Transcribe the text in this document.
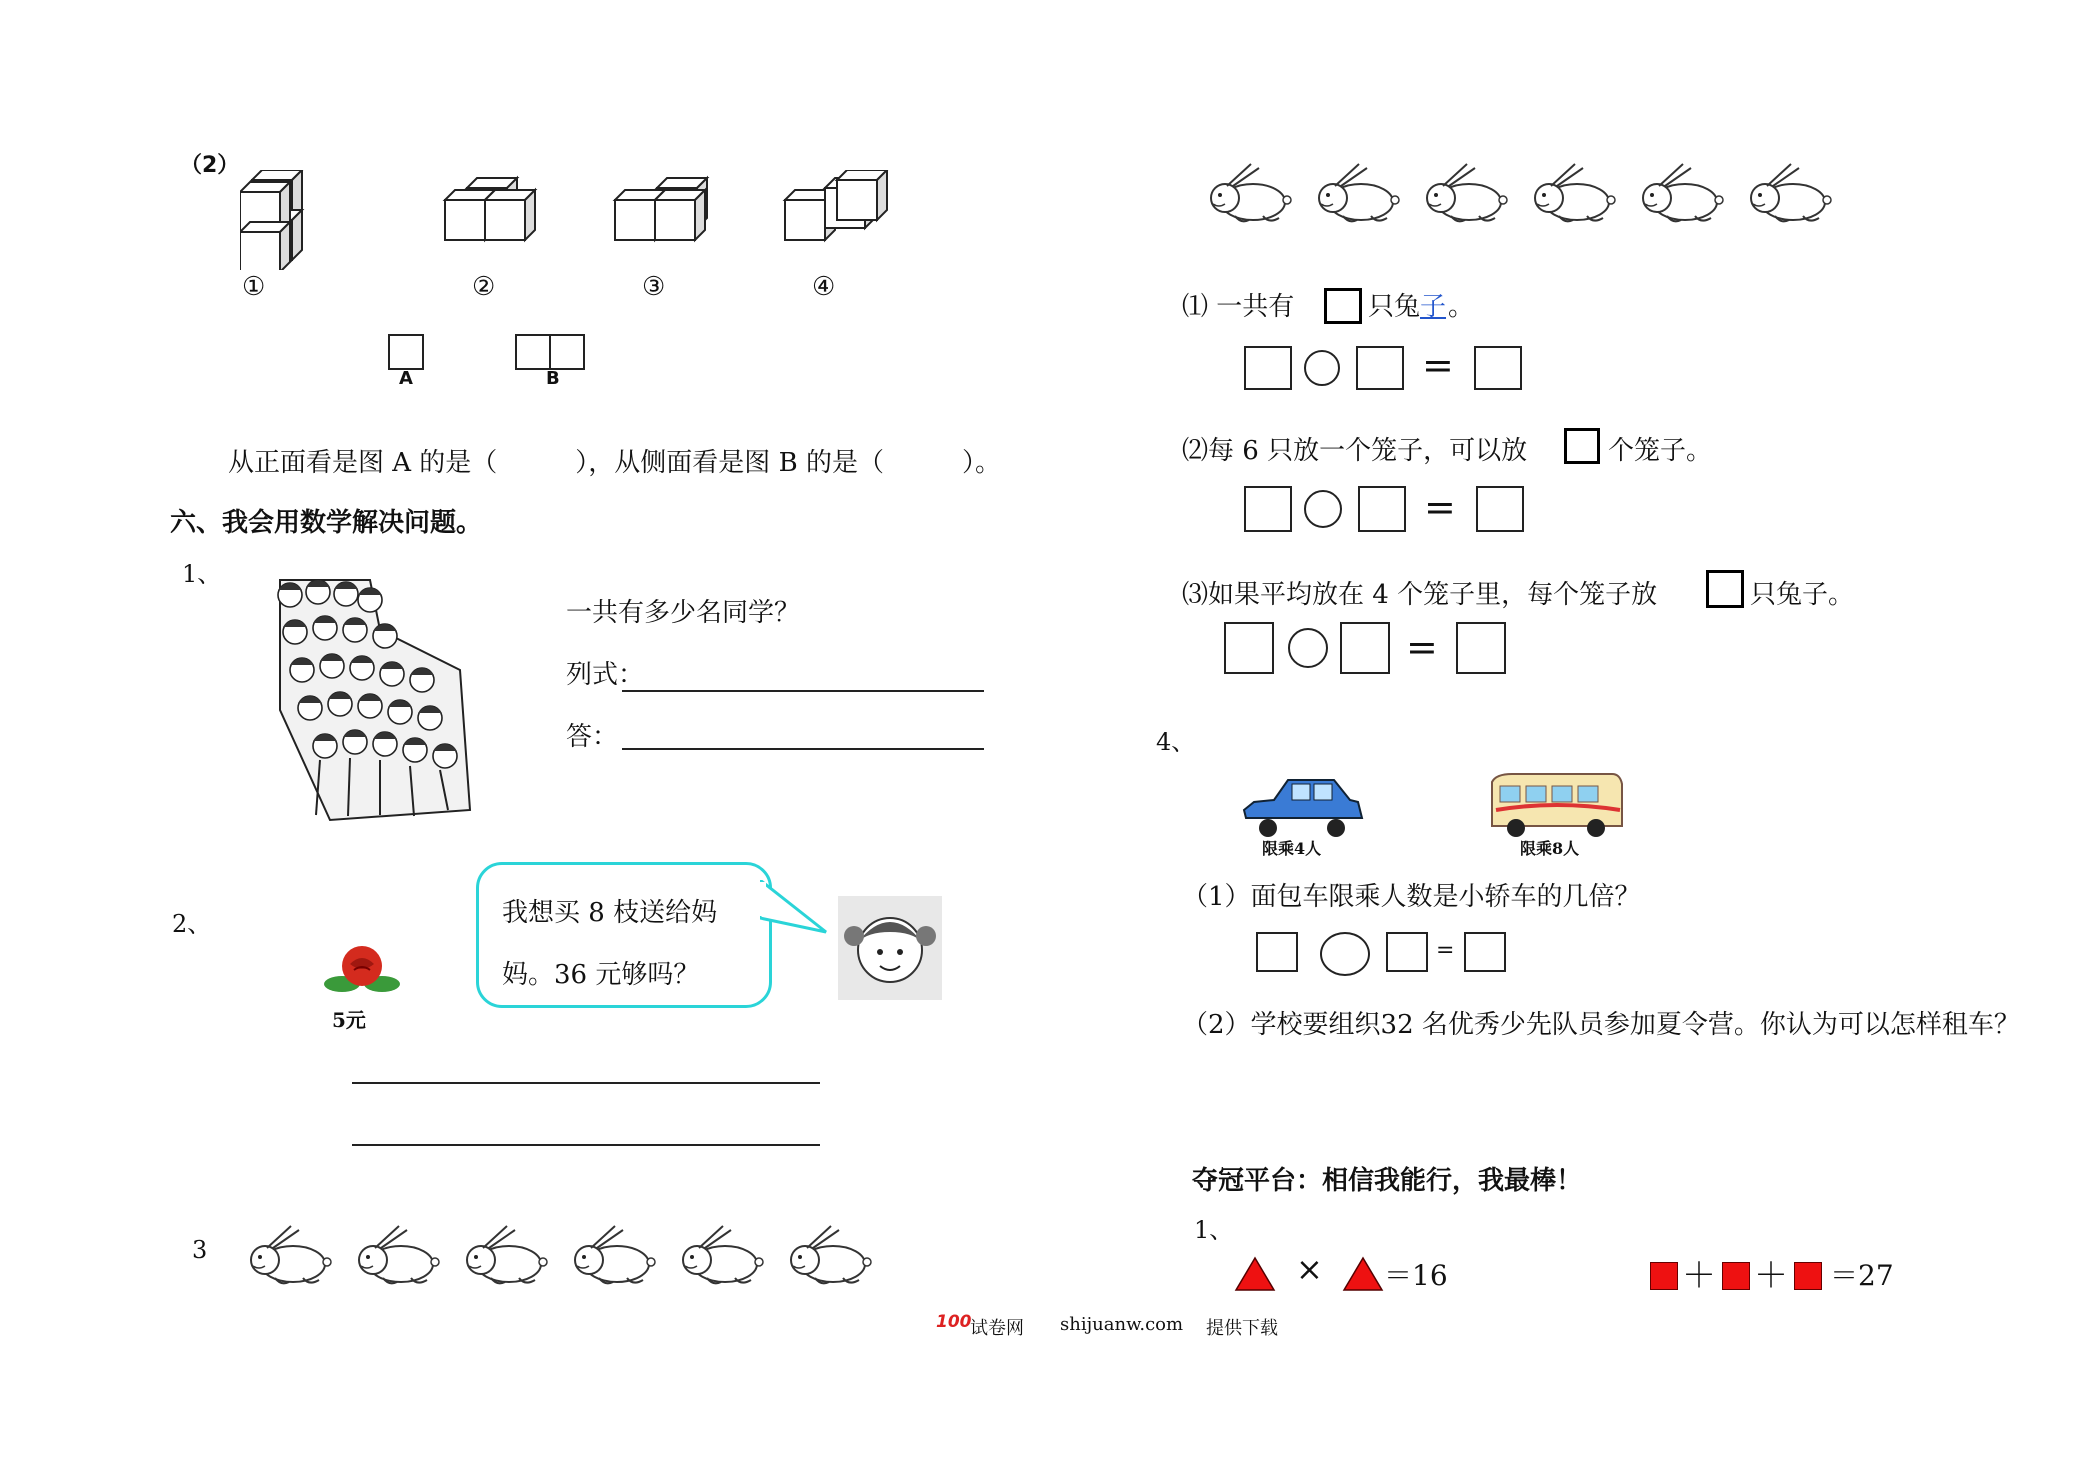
（2）
①	②	③	④
A	B
从正面看是图 A 的是（　　　），从侧面看是图 B 的是（　　　）。
六、我会用数学解决问题。
1、
一共有多少名同学？
列式：
答：
2、
5元
我想买 8 枝送给妈
妈。36 元够吗？
3
⑴ 一共有	只兔 子 。
=
⑵每 6 只放一个笼子，可以放	个笼子。
=
⑶如果平均放在 4 个笼子里，每个笼子放	只兔子。
=
4、
限乘4人	限乘8人
（1）面包车限乘人数是小轿车的几倍？
=
（2）学校要组织32 名优秀少先队员参加夏令营。你认为可以怎样租车？
夺冠平台：相信我能行，我最棒！
1、
× ＝16	＋ ＋ ＝27
100
试卷网 shijuanw.com 提供下载
